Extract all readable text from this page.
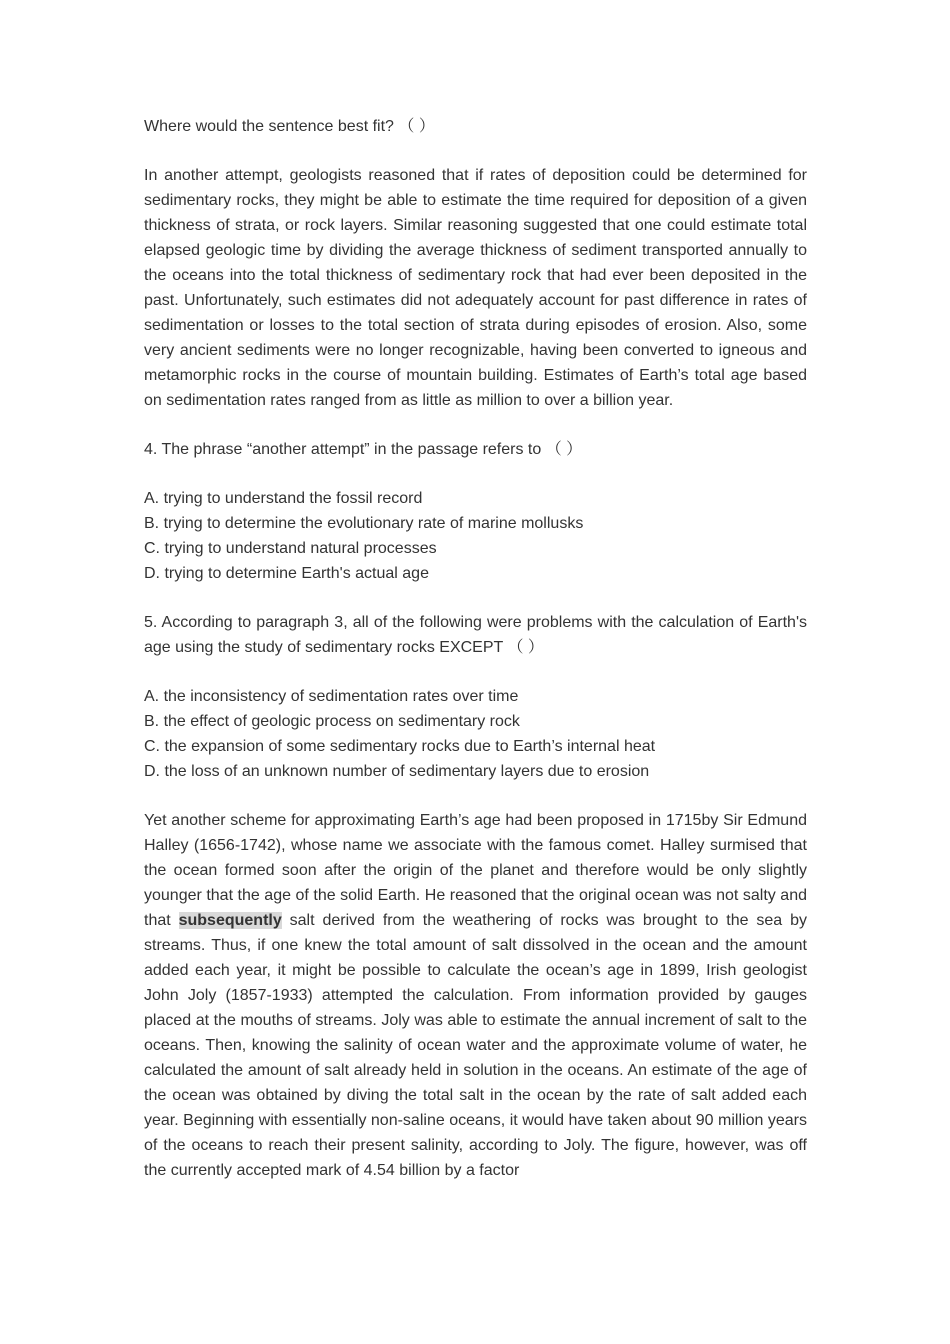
Where would the sentence best fit? （ ）

In another attempt, geologists reasoned that if rates of deposition could be determined for sedimentary rocks, they might be able to estimate the time required for deposition of a given thickness of strata, or rock layers. Similar reasoning suggested that one could estimate total elapsed geologic time by dividing the average thickness of sediment transported annually to the oceans into the total thickness of sedimentary rock that had ever been deposited in the past. Unfortunately, such estimates did not adequately account for past difference in rates of sedimentation or losses to the total section of strata during episodes of erosion. Also, some very ancient sediments were no longer recognizable, having been converted to igneous and metamorphic rocks in the course of mountain building. Estimates of Earth’s total age based on sedimentation rates ranged from as little as million to over a billion year.

4. The phrase “another attempt” in the passage refers to （ ）

A. trying to understand the fossil record

B. trying to determine the evolutionary rate of marine mollusks

C. trying to understand natural processes

D. trying to determine Earth's actual age

5. According to paragraph 3, all of the following were problems with the calculation of Earth's age using the study of sedimentary rocks EXCEPT （ ）

A. the inconsistency of sedimentation rates over time

B. the effect of geologic process on sedimentary rock

C. the expansion of some sedimentary rocks due to Earth’s internal heat

D. the loss of an unknown number of sedimentary layers due to erosion

Yet another scheme for approximating Earth’s age had been proposed in 1715by Sir Edmund Halley (1656-1742), whose name we associate with the famous comet. Halley surmised that the ocean formed soon after the origin of the planet and therefore would be only slightly younger that the age of the solid Earth. He reasoned that the original ocean was not salty and that subsequently salt derived from the weathering of rocks was brought to the sea by streams. Thus, if one knew the total amount of salt dissolved in the ocean and the amount added each year, it might be possible to calculate the ocean’s age in 1899, Irish geologist John Joly (1857-1933) attempted the calculation. From information provided by gauges placed at the mouths of streams. Joly was able to estimate the annual increment of salt to the oceans. Then, knowing the salinity of ocean water and the approximate volume of water, he calculated the amount of salt already held in solution in the oceans. An estimate of the age of the ocean was obtained by diving the total salt in the ocean by the rate of salt added each year. Beginning with essentially non-saline oceans, it would have taken about 90 million years of the oceans to reach their present salinity, according to Joly. The figure, however, was off the currently accepted mark of 4.54 billion by a factor
